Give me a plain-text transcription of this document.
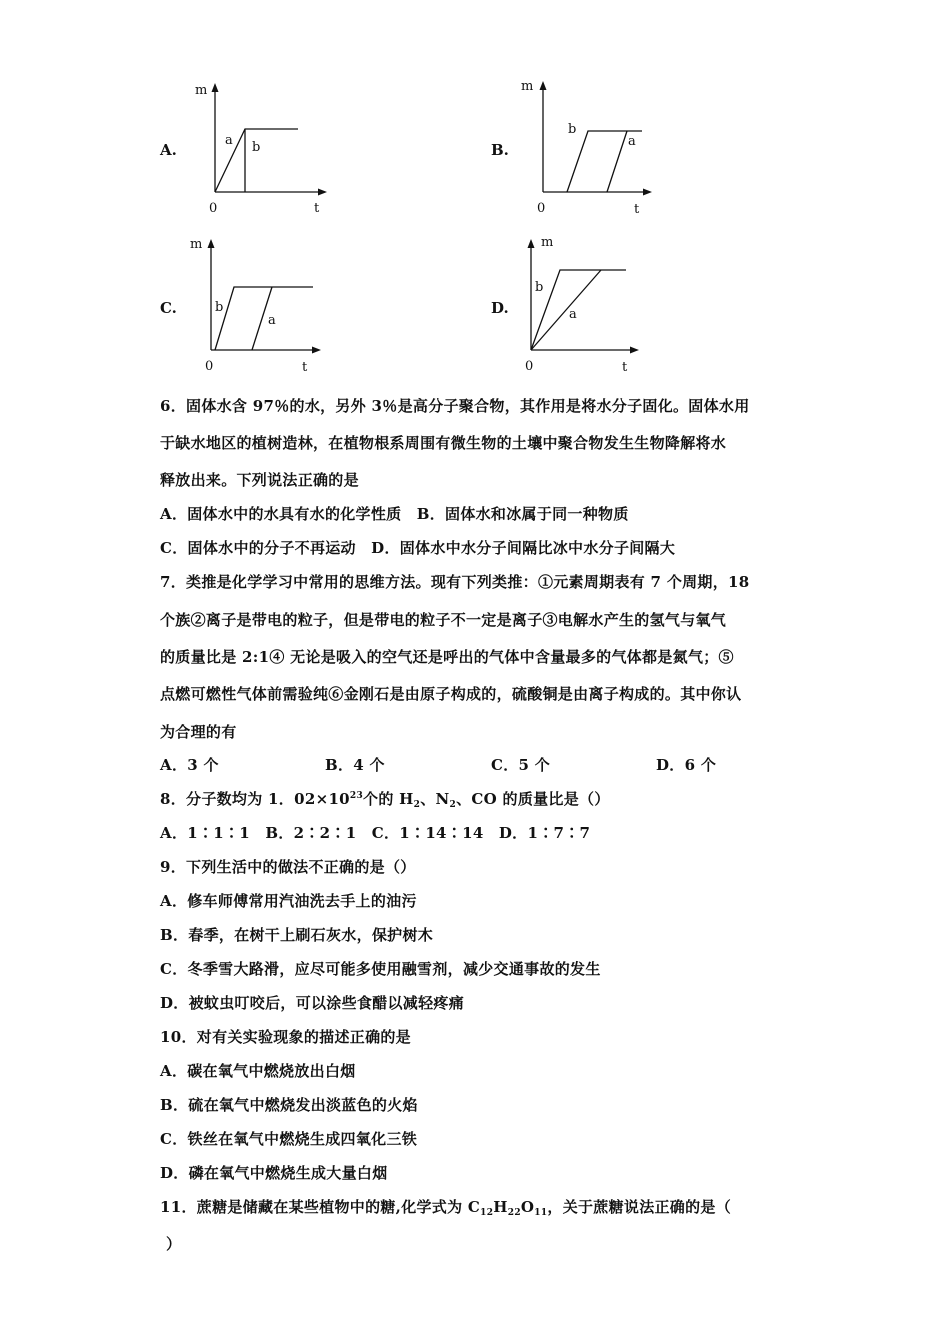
A.
m
t
0
a b	B.
m
t
0
b
a
C.
m
t
0
b
a
D.
m
t
0
b
a
6．固体水含 97％的水，另外 3％是高分子聚合物，其作用是将水分子固化。固体水用
于缺水地区的植树造林，在植物根系周围有微生物的土壤中聚合物发生生物降解将水
释放出来。下列说法正确的是
A．固体水中的水具有水的化学性质　B．固体水和冰属于同一种物质
C．固体水中的分子不再运动　D．固体水中水分子间隔比冰中水分子间隔大
7．类推是化学学习中常用的思维方法。现有下列类推：①元素周期表有 7 个周期，18
个族②离子是带电的粒子，但是带电的粒子不一定是离子③电解水产生的氢气与氧气
的质量比是 2:1④ 无论是吸入的空气还是呼出的气体中含量最多的气体都是氮气；⑤
点燃可燃性气体前需验纯⑥金刚石是由原子构成的，硫酸铜是由离子构成的。其中你认
为合理的有
A．3 个	B．4 个	C．5 个	D．6 个
8．分子数均为 1．$02\times 10^{23}$个的 $H_2$、$N_2$、CO 的质量比是（）
A．1∶1∶1　B．2∶2∶1　C．1∶14∶14　D．1∶7∶7
9．下列生活中的做法不正确的是（）
A．修车师傅常用汽油洗去手上的油污
B．春季，在树干上刷石灰水，保护树木
C．冬季雪大路滑，应尽可能多使用融雪剂，减少交通事故的发生
D．被蚊虫叮咬后，可以涂些食醋以减轻疼痛
10．对有关实验现象的描述正确的是
A．碳在氧气中燃烧放出白烟
B．硫在氧气中燃烧发出淡蓝色的火焰
C．铁丝在氧气中燃烧生成四氧化三铁
D．磷在氧气中燃烧生成大量白烟
11．蔗糖是储藏在某些植物中的糖,化学式为 $C_{12}H_{22}O_{11}$，关于蔗糖说法正确的是（
）
